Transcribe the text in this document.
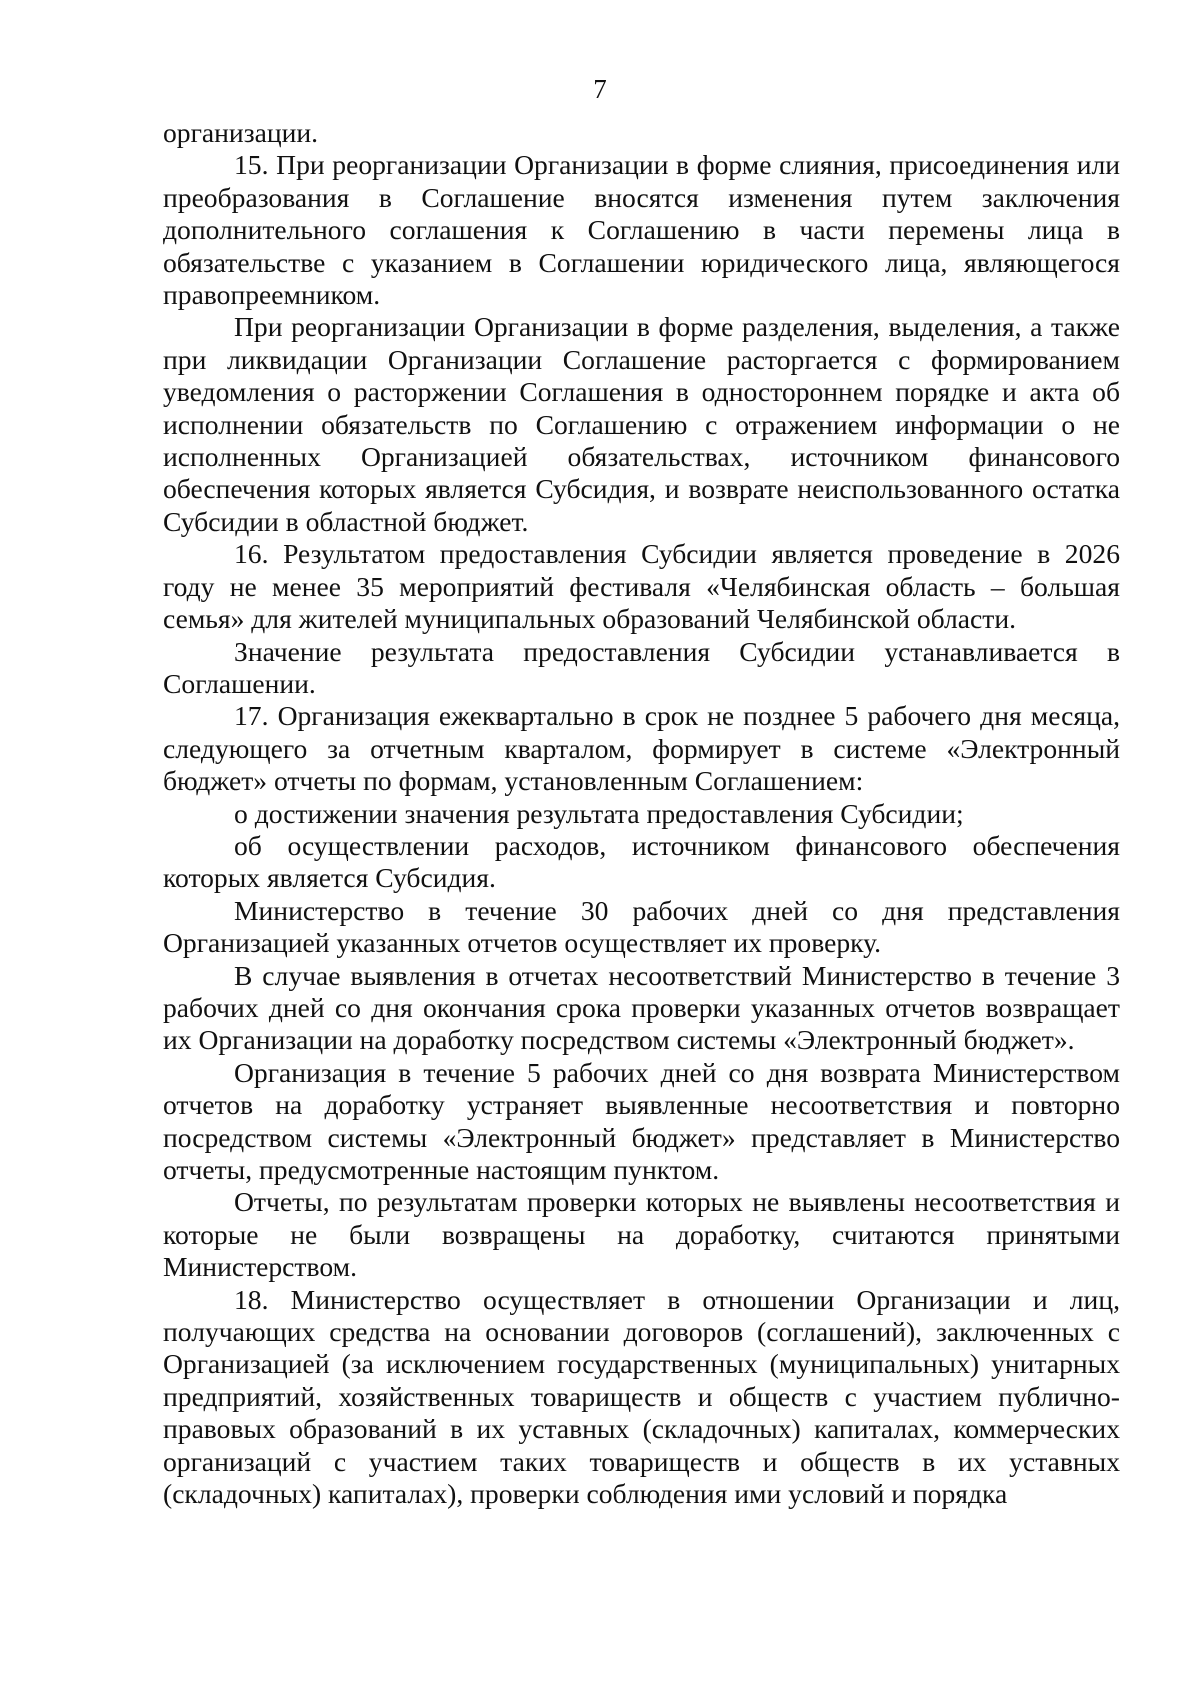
7

организации.

15. При реорганизации Организации в форме слияния, присоединения или преобразования в Соглашение вносятся изменения путем заключения дополнительного соглашения к Соглашению в части перемены лица в обязательстве с указанием в Соглашении юридического лица, являющегося правопреемником.

При реорганизации Организации в форме разделения, выделения, а также при ликвидации Организации Соглашение расторгается с формированием уведомления о расторжении Соглашения в одностороннем порядке и акта об исполнении обязательств по Соглашению с отражением информации о не исполненных Организацией обязательствах, источником финансового обеспечения которых является Субсидия, и возврате неиспользованного остатка Субсидии в областной бюджет.

16. Результатом предоставления Субсидии является проведение в 2026 году не менее 35 мероприятий фестиваля «Челябинская область – большая семья» для жителей муниципальных образований Челябинской области.

Значение результата предоставления Субсидии устанавливается в Соглашении.

17. Организация ежеквартально в срок не позднее 5 рабочего дня месяца, следующего за отчетным кварталом, формирует в системе «Электронный бюджет» отчеты по формам, установленным Соглашением:

о достижении значения результата предоставления Субсидии;

об осуществлении расходов, источником финансового обеспечения которых является Субсидия.

Министерство в течение 30 рабочих дней со дня представления Организацией указанных отчетов осуществляет их проверку.

В случае выявления в отчетах несоответствий Министерство в течение 3 рабочих дней со дня окончания срока проверки указанных отчетов возвращает их Организации на доработку посредством системы «Электронный бюджет».

Организация в течение 5 рабочих дней со дня возврата Министерством отчетов на доработку устраняет выявленные несоответствия и повторно посредством системы «Электронный бюджет» представляет в Министерство отчеты, предусмотренные настоящим пунктом.

Отчеты, по результатам проверки которых не выявлены несоответствия и которые не были возвращены на доработку, считаются принятыми Министерством.

18. Министерство осуществляет в отношении Организации и лиц, получающих средства на основании договоров (соглашений), заключенных с Организацией (за исключением государственных (муниципальных) унитарных предприятий, хозяйственных товариществ и обществ с участием публично-правовых образований в их уставных (складочных) капиталах, коммерческих организаций с участием таких товариществ и обществ в их уставных (складочных) капиталах), проверки соблюдения ими условий и порядка
